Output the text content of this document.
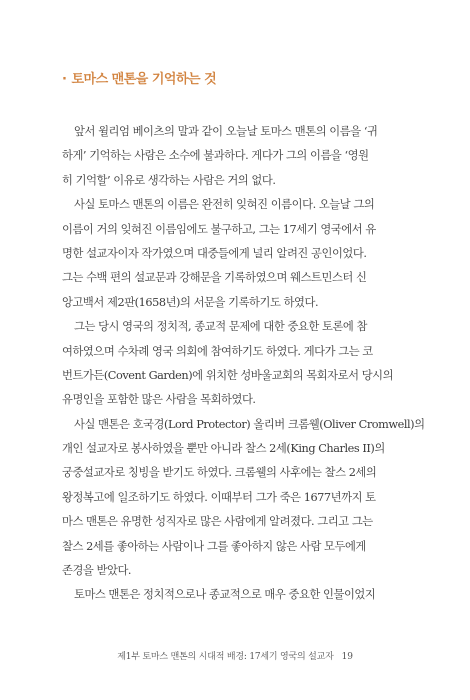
· 토마스 맨톤을 기억하는 것
앞서 윌리엄 베이츠의 말과 같이 오늘날 토마스 맨톤의 이름을 ‘귀
하게’ 기억하는 사람은 소수에 불과하다. 게다가 그의 이름을 ‘영원
히 기억할’ 이유로 생각하는 사람은 거의 없다.
사실 토마스 맨톤의 이름은 완전히 잊혀진 이름이다. 오늘날 그의
이름이 거의 잊혀진 이름임에도 불구하고, 그는 17세기 영국에서 유
명한 설교자이자 작가였으며 대중들에게 널리 알려진 공인이었다.
그는 수백 편의 설교문과 강해문을 기록하였으며 웨스트민스터 신
앙고백서 제2판(1658년)의 서문을 기록하기도 하였다.
그는 당시 영국의 정치적, 종교적 문제에 대한 중요한 토론에 참
여하였으며 수차례 영국 의회에 참여하기도 하였다. 게다가 그는 코
번트가든(Covent Garden)에 위치한 성바울교회의 목회자로서 당시의
유명인을 포함한 많은 사람을 목회하였다.
사실 맨톤은 호국경(Lord Protector) 올리버 크롬웰(Oliver Cromwell)의
개인 설교자로 봉사하였을 뿐만 아니라 찰스 2세(King Charles II)의
궁중설교자로 칭빙을 받기도 하였다. 크롬웰의 사후에는 찰스 2세의
왕정복고에 일조하기도 하였다. 이때부터 그가 죽은 1677년까지 토
마스 맨톤은 유명한 성직자로 많은 사람에게 알려졌다. 그리고 그는
찰스 2세를 좋아하는 사람이나 그를 좋아하지 않은 사람 모두에게
존경을 받았다.
토마스 맨톤은 정치적으로나 종교적으로 매우 중요한 인물이었지
제1부 토마스 맨톤의 시대적 배경: 17세기 영국의 설교자 19
